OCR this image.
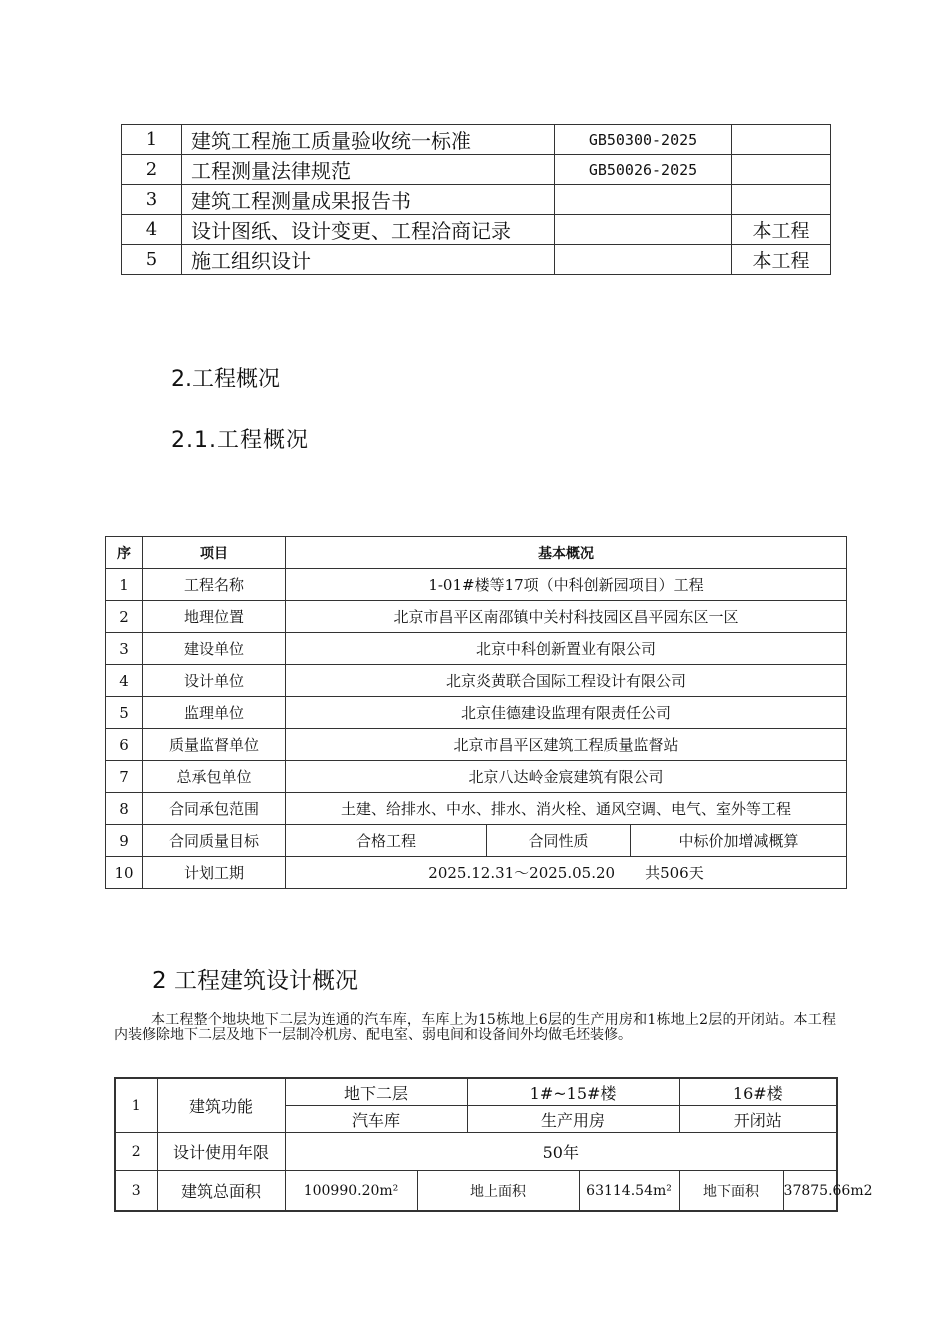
1	建筑工程施工质量验收统一标准	GB50300-2025	
2	工程测量法律规范	GB50026-2025	
3	建筑工程测量成果报告书		
4	设计图纸、设计变更、工程洽商记录		本工程
5	施工组织设计		本工程
2.工程概况
2.1.工程概况
序	项目	基本概况		
1	工程名称	1-01#楼等17项（中科创新园项目）工程		
2	地理位置	北京市昌平区南邵镇中关村科技园区昌平园东区一区		
3	建设单位	北京中科创新置业有限公司		
4	设计单位	北京炎黄联合国际工程设计有限公司		
5	监理单位	北京佳德建设监理有限责任公司		
6	质量监督单位	北京市昌平区建筑工程质量监督站		
7	总承包单位	北京八达岭金宸建筑有限公司		
8	合同承包范围	土建、给排水、中水、排水、消火栓、通风空调、电气、室外等工程		
9	合同质量目标	合格工程	合同性质	中标价加增减概算
10	计划工期	2025.12.31～2025.05.20　　共506天		
2 工程建筑设计概况

本工程整个地块地下二层为连通的汽车库，车库上为15栋地上6层的生产用房和1栋地上2层的开闭站。本工程内装修除地下二层及地下一层制冷机房、配电室、弱电间和设备间外均做毛坯装修。

1	建筑功能	地下二层		1#~15#楼		16#楼	
		汽车库		生产用房		开闭站	
2	设计使用年限	50年					
3	建筑总面积	100990.20m²	地上面积		63114.54m²	地下面积	37875.66m2
